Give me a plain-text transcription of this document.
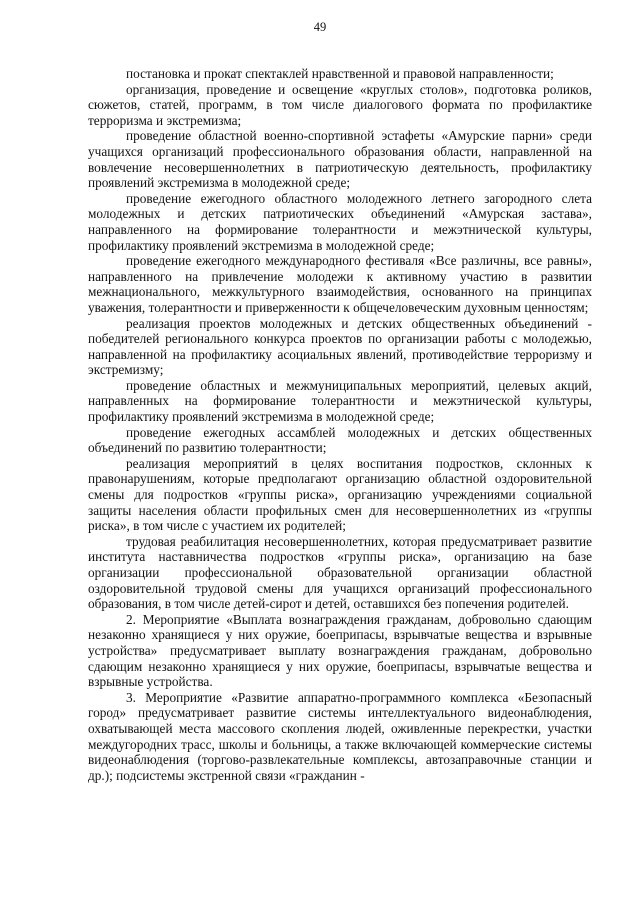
49

постановка и прокат спектаклей нравственной и правовой направленности;

организация, проведение и освещение «круглых столов», подготовка роликов, сюжетов, статей, программ, в том числе диалогового формата по профилактике терроризма и экстремизма;

проведение областной военно-спортивной эстафеты «Амурские парни» среди учащихся организаций профессионального образования области, направленной на вовлечение несовершеннолетних в патриотическую деятельность, профилактику проявлений экстремизма в молодежной среде;

проведение ежегодного областного молодежного летнего загородного слета молодежных и детских патриотических объединений «Амурская застава», направленного на формирование толерантности и межэтнической культуры, профилактику проявлений экстремизма в молодежной среде;

проведение ежегодного международного фестиваля «Все различны, все равны», направленного на привлечение молодежи к активному участию в развитии межнационального, межкультурного взаимодействия, основанного на принципах уважения, толерантности и приверженности к общечеловеческим духовным ценностям;

реализация проектов молодежных и детских общественных объединений - победителей регионального конкурса проектов по организации работы с молодежью, направленной на профилактику асоциальных явлений, противодействие терроризму и экстремизму;

проведение областных и межмуниципальных мероприятий, целевых акций, направленных на формирование толерантности и межэтнической культуры, профилактику проявлений экстремизма в молодежной среде;

проведение ежегодных ассамблей молодежных и детских общественных объединений по развитию толерантности;

реализация мероприятий в целях воспитания подростков, склонных к правонарушениям, которые предполагают организацию областной оздоровительной смены для подростков «группы риска», организацию учреждениями социальной защиты населения области профильных смен для несовершеннолетних из «группы риска», в том числе с участием их родителей;

трудовая реабилитация несовершеннолетних, которая предусматривает развитие института наставничества подростков «группы риска», организацию на базе организации профессиональной образовательной организации областной оздоровительной трудовой смены для учащихся организаций профессионального образования, в том числе детей-сирот и детей, оставшихся без попечения родителей.

2. Мероприятие «Выплата вознаграждения гражданам, добровольно сдающим незаконно хранящиеся у них оружие, боеприпасы, взрывчатые вещества и взрывные устройства» предусматривает выплату вознаграждения гражданам, добровольно сдающим незаконно хранящиеся у них оружие, боеприпасы, взрывчатые вещества и взрывные устройства.

3. Мероприятие «Развитие аппаратно-программного комплекса «Безопасный город» предусматривает развитие системы интеллектуального видеонаблюдения, охватывающей места массового скопления людей, оживленные перекрестки, участки междугородних трасс, школы и больницы, а также включающей коммерческие системы видеонаблюдения (торгово-развлекательные комплексы, автозаправочные станции и др.); подсистемы экстренной связи «гражданин -
